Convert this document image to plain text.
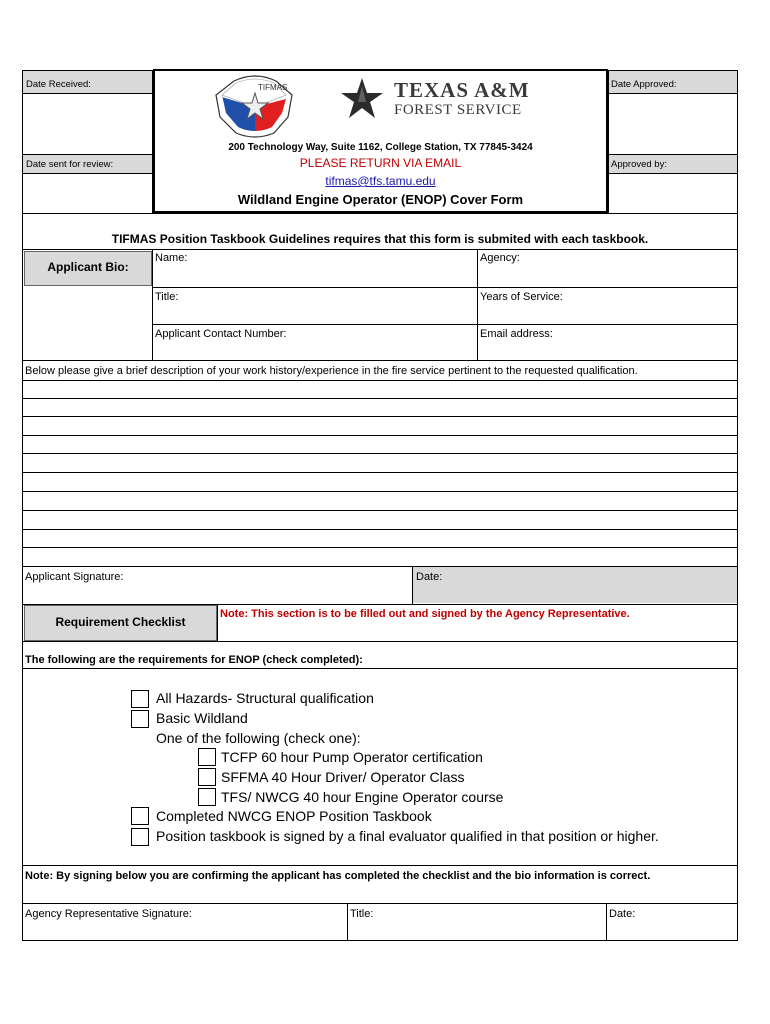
Date Received:
Date sent for review:
Date Approved:
Approved by:
TIFMAS	TEXAS A&M
FOREST SERVICE
200 Technology Way, Suite 1162, College Station, TX 77845-3424
PLEASE RETURN VIA EMAIL
tifmas@tfs.tamu.edu
Wildland Engine Operator (ENOP) Cover Form
TIFMAS Position Taskbook Guidelines requires that this form is submited with each taskbook.
Applicant Bio:
Name:	Agency:
Title:	Years of Service:
Applicant Contact Number:	Email address:
Below please give a brief description of your work history/experience in the fire service pertinent to the requested qualification.
Applicant Signature:	Date:
Requirement Checklist
Note: This section is to be filled out and signed by the Agency Representative.
The following are the requirements for ENOP (check completed):
All Hazards- Structural qualification
Basic Wildland
One of the following (check one):
TCFP 60 hour Pump Operator certification
SFFMA 40 Hour Driver/ Operator Class
TFS/ NWCG 40 hour Engine Operator course
Completed NWCG ENOP Position Taskbook
Position taskbook is signed by a final evaluator qualified in that position or higher.
Note: By signing below you are confirming the applicant has completed the checklist and the bio information is correct.
Agency Representative Signature:	Title:	Date:
